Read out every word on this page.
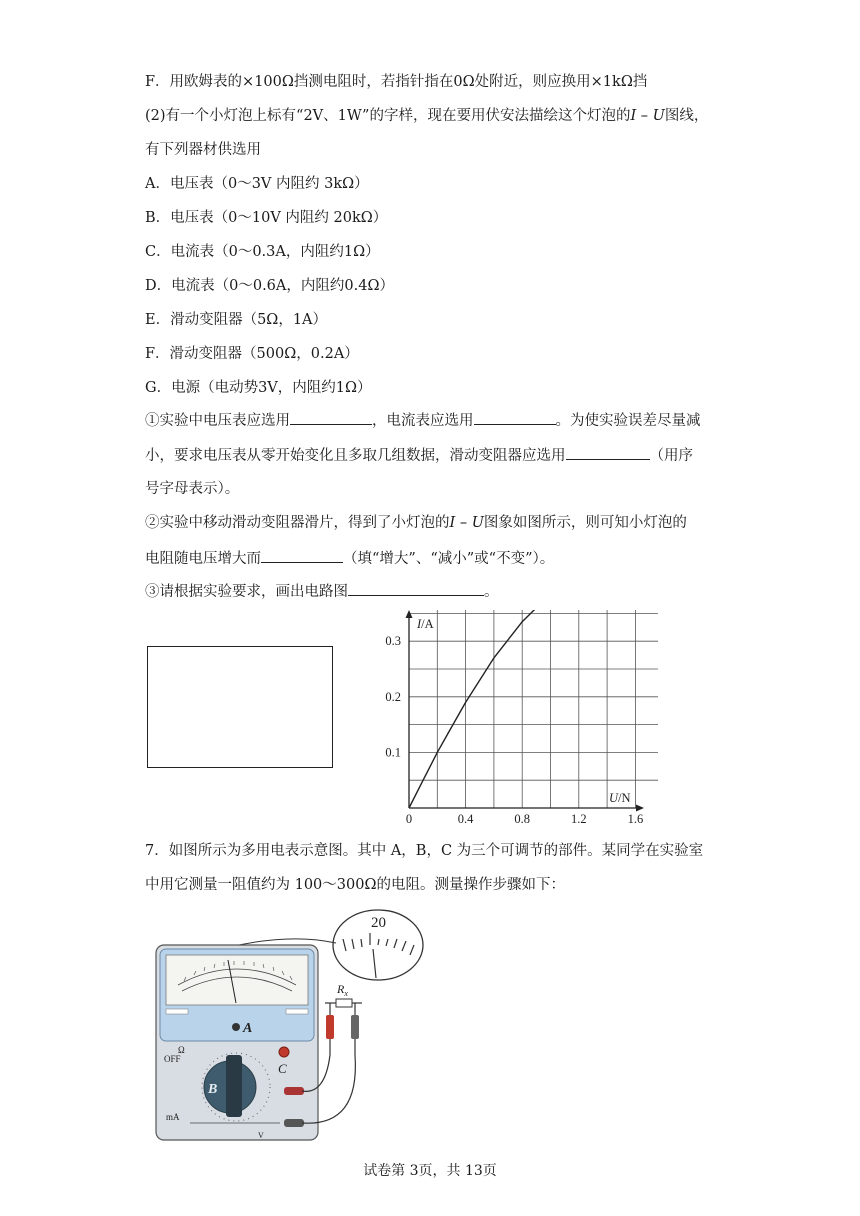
F．用欧姆表的×100Ω挡测电阻时，若指针指在0Ω处附近，则应换用×1kΩ挡
(2)有一个小灯泡上标有“2V、1W”的字样，现在要用伏安法描绘这个灯泡的I – U图线，
有下列器材供选用
A．电压表（0～3V 内阻约 3kΩ）
B．电压表（0～10V 内阻约 20kΩ）
C．电流表（0～0.3A，内阻约1Ω）
D．电流表（0～0.6A，内阻约0.4Ω）
E．滑动变阻器（5Ω，1A）
F．滑动变阻器（500Ω，0.2A）
G．电源（电动势3V，内阻约1Ω）
①实验中电压表应选用	，电流表应选用	。为使实验误差尽量减
小，要求电压表从零开始变化且多取几组数据，滑动变阻器应选用	（用序
号字母表示）。
②实验中移动滑动变阻器滑片，得到了小灯泡的I – U图象如图所示，则可知小灯泡的
电阻随电压增大而	（填“增大”、“减小”或“不变”）。
③请根据实验要求，画出电路图	。
I/A
U/N
0	0.4	0.8	1.2	1.6
0.1
0.2
0.3
7．如图所示为多用电表示意图。其中 A，B，C 为三个可调节的部件。某同学在实验室
中用它测量一阻值约为 100～300Ω的电阻。测量操作步骤如下：
20
A
Ω
OFF
mA
V
B
C
$R_x$
试卷第 3页，共 13页
